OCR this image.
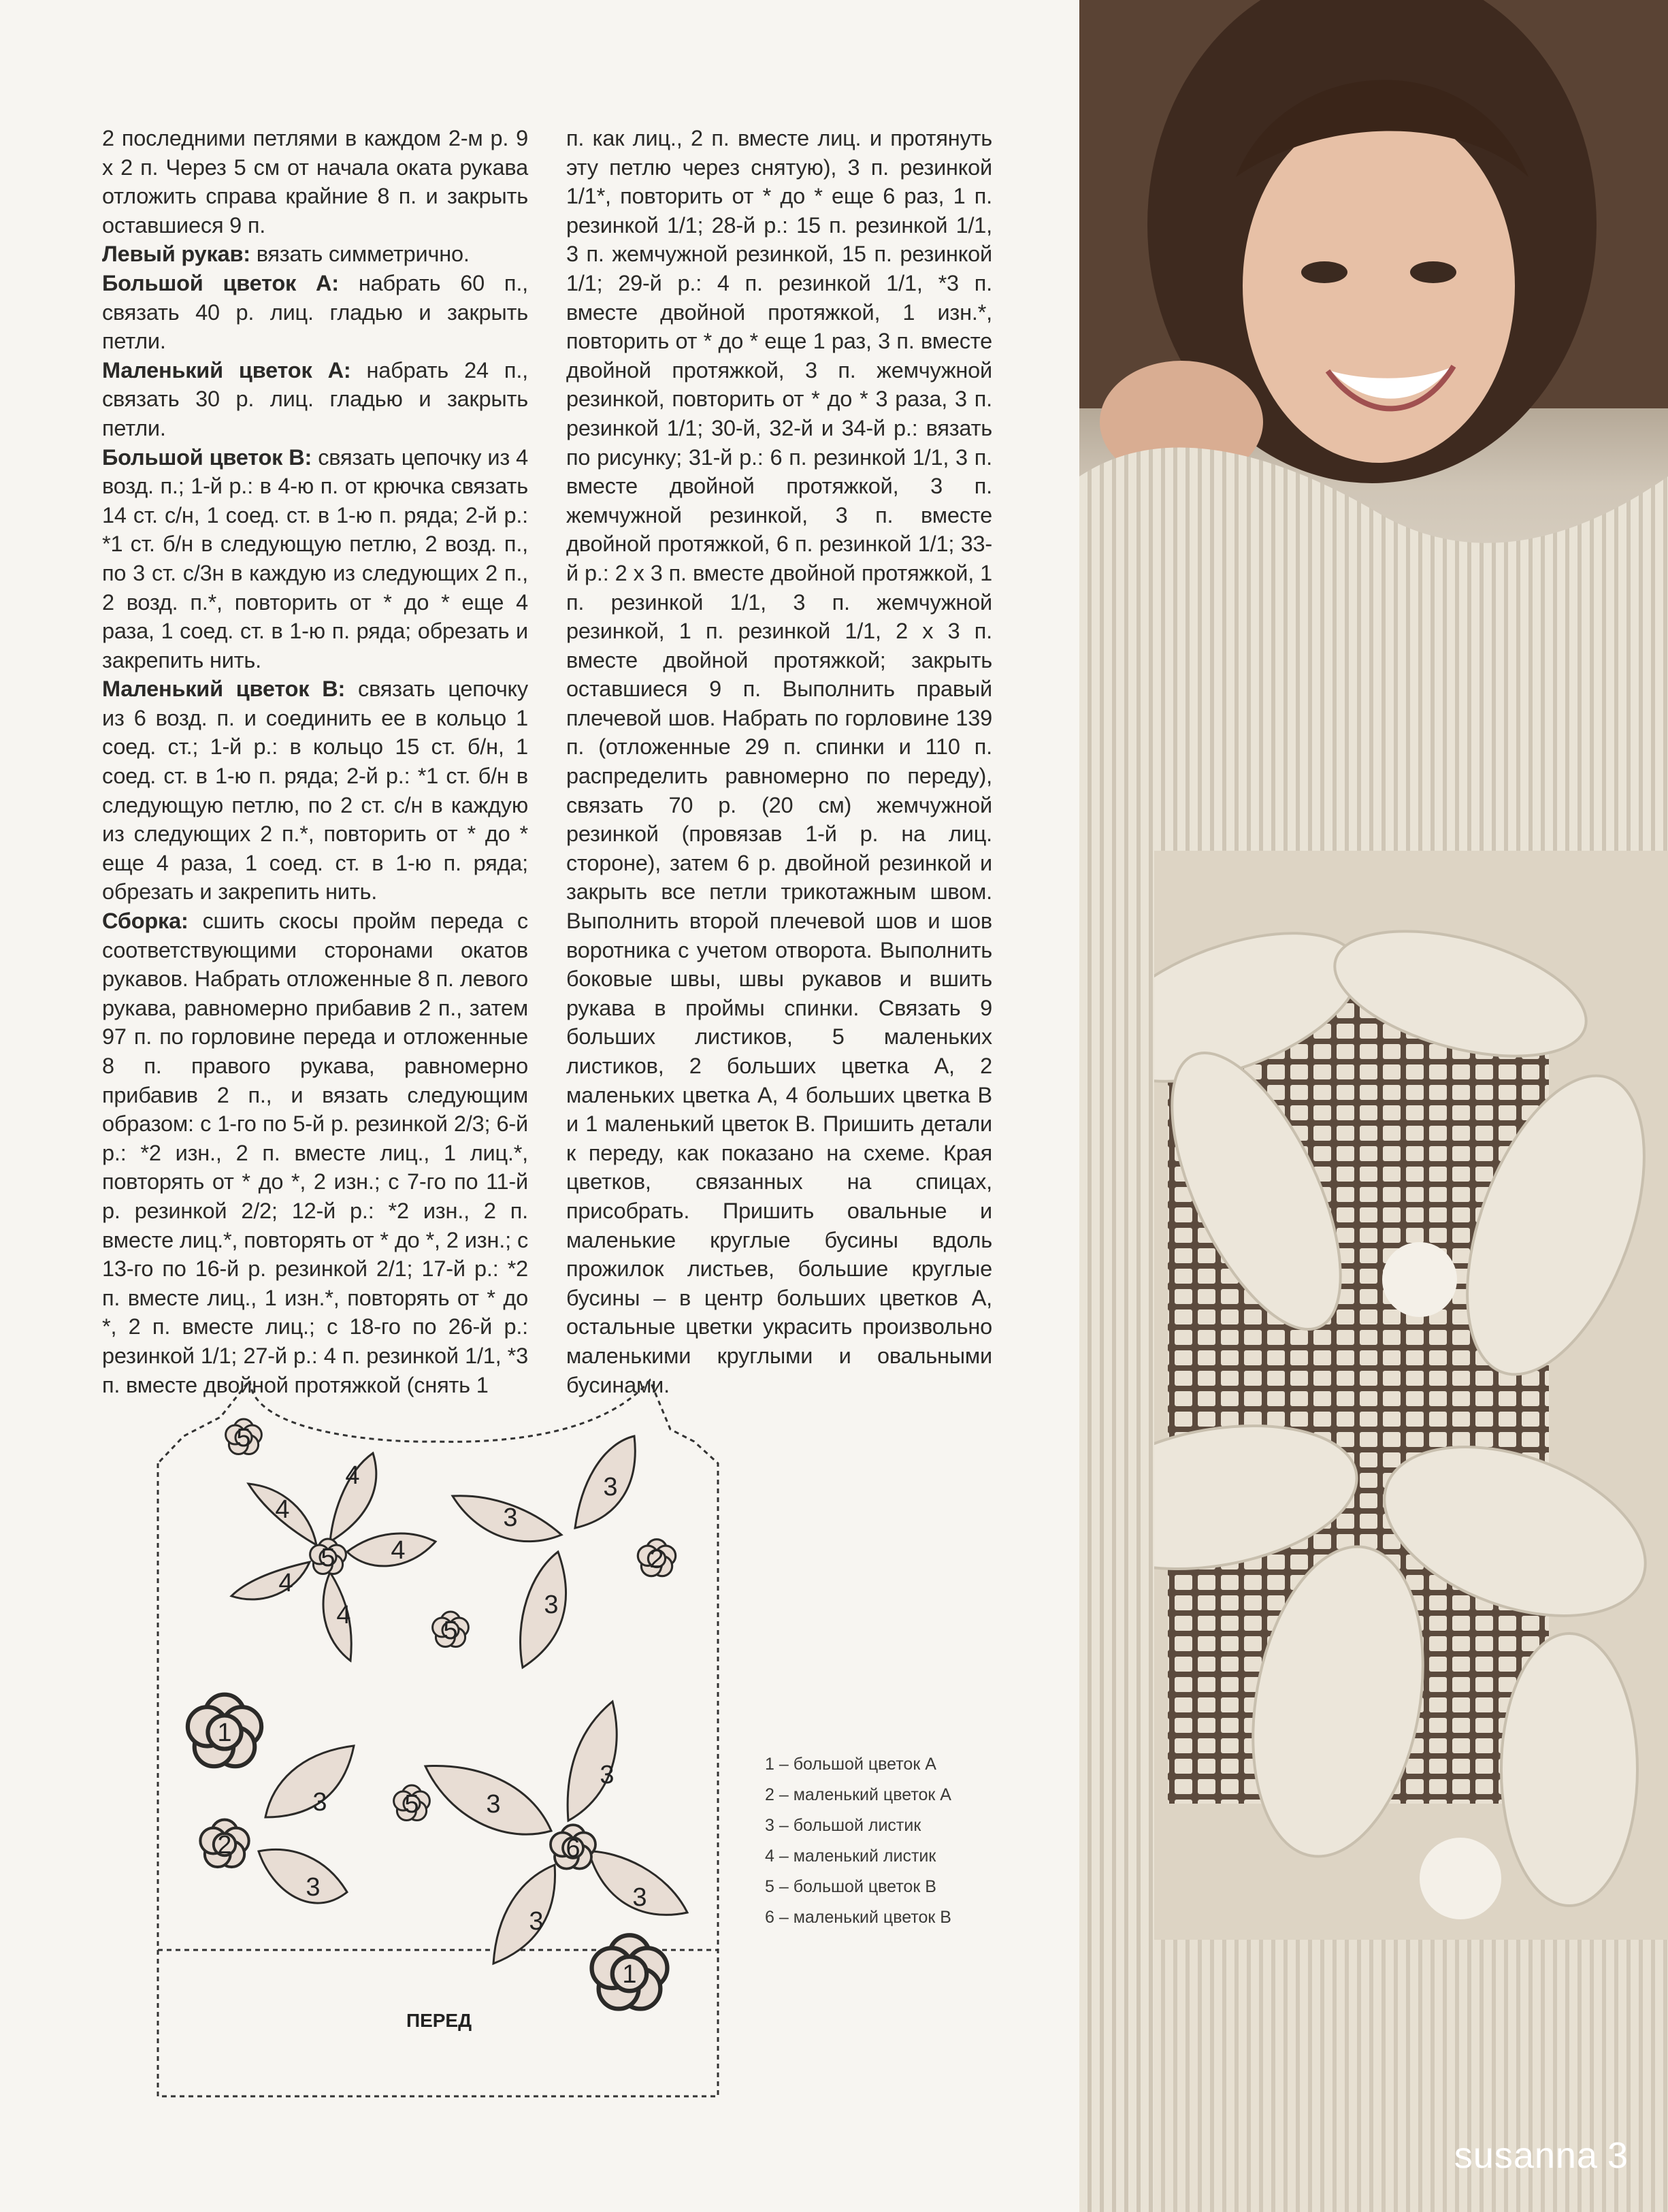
2 последними петлями в каждом 2-м р. 9 х 2 п. Через 5 см от начала оката рукава отложить справа крайние 8 п. и закрыть оставшиеся 9 п.

Левый рукав: вязать симметрично.

Большой цветок А: набрать 60 п., связать 40 р. лиц. гладью и закрыть петли.

Маленький цветок А: набрать 24 п., связать 30 р. лиц. гладью и закрыть петли.

Большой цветок В: связать цепочку из 4 возд. п.; 1-й р.: в 4-ю п. от крючка связать 14 ст. с/н, 1 соед. ст. в 1-ю п. ряда; 2-й р.: *1 ст. б/н в следующую петлю, 2 возд. п., по 3 ст. с/3н в каждую из следующих 2 п., 2 возд. п.*, повторить от * до * еще 4 раза, 1 соед. ст. в 1-ю п. ряда; обрезать и закрепить нить.

Маленький цветок В: связать цепочку из 6 возд. п. и соединить ее в кольцо 1 соед. ст.; 1-й р.: в кольцо 15 ст. б/н, 1 соед. ст. в 1-ю п. ряда; 2-й р.: *1 ст. б/н в следующую петлю, по 2 ст. с/н в каждую из следующих 2 п.*, повторить от * до * еще 4 раза, 1 соед. ст. в 1-ю п. ряда; обрезать и закрепить нить.

Сборка: сшить скосы пройм переда с соответствующими сторонами окатов рукавов. Набрать отложенные 8 п. левого рукава, равномерно прибавив 2 п., затем 97 п. по горловине переда и отложенные 8 п. правого рукава, равномерно прибавив 2 п., и вязать следующим образом: с 1-го по 5-й р. резинкой 2/3; 6-й р.: *2 изн., 2 п. вместе лиц., 1 лиц.*, повторять от * до *, 2 изн.; с 7-го по 11-й р. резинкой 2/2; 12-й р.: *2 изн., 2 п. вместе лиц.*, повторять от * до *, 2 изн.; с 13-го по 16-й р. резинкой 2/1; 17-й р.: *2 п. вместе лиц., 1 изн.*, повторять от * до *, 2 п. вместе лиц.; с 18-го по 26-й р.: резинкой 1/1; 27-й р.: 4 п. резинкой 1/1, *3 п. вместе двойной протяжкой (снять 1

п. как лиц., 2 п. вместе лиц. и протянуть эту петлю через снятую), 3 п. резинкой 1/1*, повторить от * до * еще 6 раз, 1 п. резинкой 1/1; 28-й р.: 15 п. резинкой 1/1, 3 п. жемчужной резинкой, 15 п. резинкой 1/1; 29-й р.: 4 п. резинкой 1/1, *3 п. вместе двойной протяжкой, 1 изн.*, повторить от * до * еще 1 раз, 3 п. вместе двойной протяжкой, 3 п. жемчужной резинкой, повторить от * до * 3 раза, 3 п. резинкой 1/1; 30-й, 32-й и 34-й р.: вязать по рисунку; 31-й р.: 6 п. резинкой 1/1, 3 п. вместе двойной протяжкой, 3 п. жемчужной резинкой, 3 п. вместе двойной протяжкой, 6 п. резинкой 1/1; 33-й р.: 2 х 3 п. вместе двойной протяжкой, 1 п. резинкой 1/1, 3 п. жемчужной резинкой, 1 п. резинкой 1/1, 2 х 3 п. вместе двойной протяжкой; закрыть оставшиеся 9 п. Выполнить правый плечевой шов. Набрать по горловине 139 п. (отложенные 29 п. спинки и 110 п. распределить равномерно по переду), связать 70 р. (20 см) жемчужной резинкой (провязав 1-й р. на лиц. стороне), затем 6 р. двойной резинкой и закрыть все петли трикотажным швом. Выполнить второй плечевой шов и шов воротника с учетом отворота. Выполнить боковые швы, швы рукавов и вшить рукава в проймы спинки. Связать 9 больших листиков, 5 маленьких листиков, 2 больших цветка А, 2 маленьких цветка А, 4 больших цветка В и 1 маленький цветок В. Пришить детали к переду, как показано на схеме. Края цветков, связанных на спицах, присобрать. Пришить овальные и маленькие круглые бусины вдоль прожилок листьев, большие круглые бусины – в центр больших цветков А, остальные цветки украсить произвольно маленькими круглыми и овальными бусинами.

5
4
4
5 4
4
4
5
3
3
2
3
1
3	5
2
3
3
3
6
3
3
1
ПЕРЕД
1 – большой цветок А
2 – маленький цветок А
3 – большой листик
4 – маленький листик
5 – большой цветок В
6 – маленький цветок В
susanna 3
